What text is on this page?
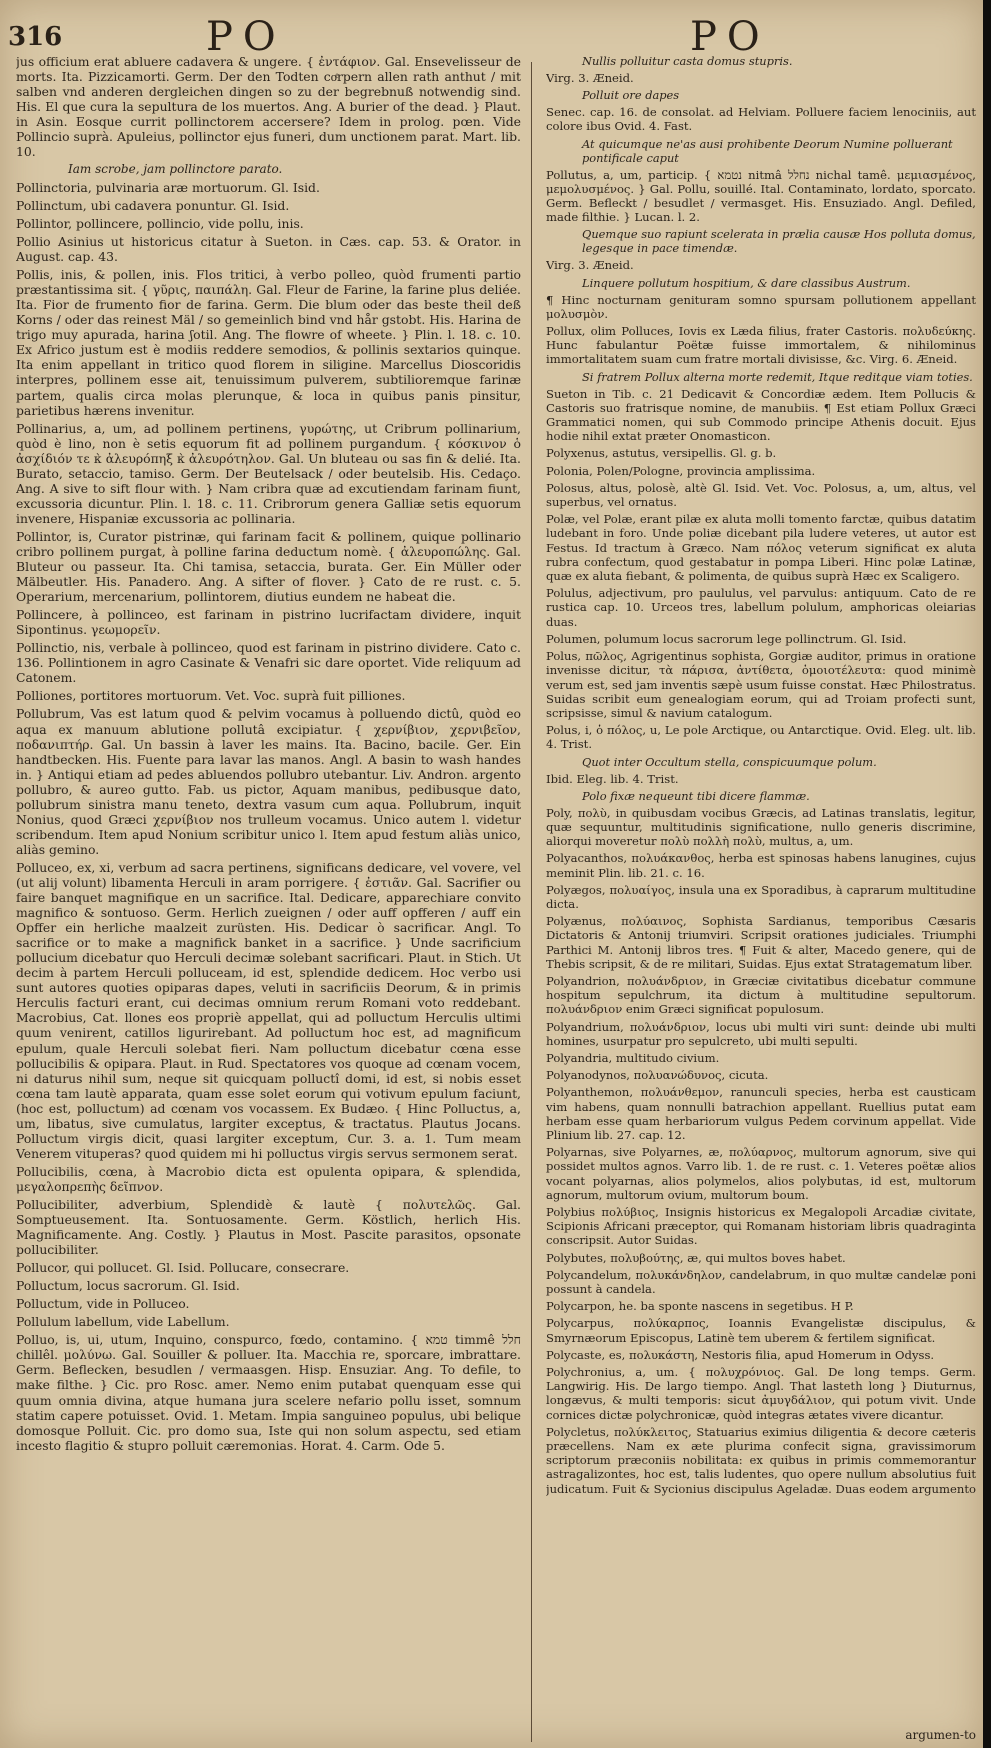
316	PO	PO

jus officium erat abluere cadavera & ungere. { ἐντάφιον. Gal. Ensevelisseur de morts. Ita. Pizzicamorti. Germ. Der den Todten coͤrpern allen rath anthut / mit salben vnd anderen dergleichen dingen so zu der begrebnuß notwendig sind. His. El que cura la sepultura de los muertos. Ang. A burier of the dead. } Plaut. in Asin. Eosque currit pollinctorem accersere? Idem in prolog. pœn. Vide Pollincio suprà. Apuleius, pollinctor ejus funeri, dum unctionem parat. Mart. lib. 10.

Iam scrobe, jam pollinctore parato.

Pollinctoria, pulvinaria aræ mortuorum. Gl. Isid.

Pollinctum, ubi cadavera ponuntur. Gl. Isid.

Pollintor, pollincere, pollincio, vide pollu, inis.

Pollio Asinius ut historicus citatur à Sueton. in Cæs. cap. 53. & Orator. in August. cap. 43.

Pollis, inis, & pollen, inis. Flos tritici, à verbo polleo, quòd frumenti partio præstantissima sit. { γῦρις, παιπάλη. Gal. Fleur de Farine, la farine plus deliée. Ita. Fior de frumento fior de farina. Germ. Die blum oder das beste theil deß Korns / oder das reinest Mäl / so gemeinlich bind vnd hår gstobt. His. Harina de trigo muy apurada, harina ʃotil. Ang. The flowre of wheete. } Plin. l. 18. c. 10. Ex Africo justum est è modiis reddere semodios, & pollinis sextarios quinque. Ita enim appellant in tritico quod florem in siligine. Marcellus Dioscoridis interpres, pollinem esse ait, tenuissimum pulverem, subtilioremque farinæ partem, qualis circa molas plerunque, & loca in quibus panis pinsitur, parietibus hærens invenitur.

Pollinarius, a, um, ad pollinem pertinens, γυρώτης, ut Cribrum pollinarium, quòd è lino, non è setis equorum fit ad pollinem purgandum. { κόσκινον ὁ ἀσχίδιόν τε κ̀ ἀλευρόπηξ κ̀ ἀλευρότηλον. Gal. Un bluteau ou sas fin & delié. Ita. Burato, setaccio, tamiso. Germ. Der Beutelsack / oder beutelsib. His. Cedaço. Ang. A sive to sift flour with. } Nam cribra quæ ad excutiendam farinam fiunt, excussoria dicuntur. Plin. l. 18. c. 11. Cribrorum genera Galliæ setis equorum invenere, Hispaniæ excussoria ac pollinaria.

Pollintor, is, Curator pistrinæ, qui farinam facit & pollinem, quique pollinario cribro pollinem purgat, à polline farina deductum nomè. { ἀλευροπώλης. Gal. Bluteur ou passeur. Ita. Chi tamisa, setaccia, burata. Ger. Ein Müller oder Mälbeutler. His. Panadero. Ang. A sifter of flover. } Cato de re rust. c. 5. Operarium, mercenarium, pollintorem, diutius eundem ne habeat die.

Pollincere, à pollinceo, est farinam in pistrino lucrifactam dividere, inquit Sipontinus. γεωμορεῖν.

Pollinctio, nis, verbale à pollinceo, quod est farinam in pistrino dividere. Cato c. 136. Pollintionem in agro Casinate & Venafri sic dare oportet. Vide reliquum ad Catonem.

Polliones, portitores mortuorum. Vet. Voc. suprà fuit pilliones.

Pollubrum, Vas est latum quod & pelvim vocamus à polluendo dictû, quòd eo aqua ex manuum ablutione pollutâ excipiatur. { χερνίβιον, χερνιβεῖον, ποδανιπτήρ. Gal. Un bassin à laver les mains. Ita. Bacino, bacile. Ger. Ein handtbecken. His. Fuente para lavar las manos. Angl. A basin to wash handes in. } Antiqui etiam ad pedes abluendos pollubro utebantur. Liv. Andron. argento pollubro, & aureo gutto. Fab. us pictor, Aquam manibus, pedibusque dato, pollubrum sinistra manu teneto, dextra vasum cum aqua. Pollubrum, inquit Nonius, quod Græci χερνίβιον nos trulleum vocamus. Unico autem l. videtur scribendum. Item apud Nonium scribitur unico l. Item apud festum aliàs unico, aliàs gemino.

Polluceo, ex, xi, verbum ad sacra pertinens, significans dedicare, vel vovere, vel (ut alij volunt) libamenta Herculi in aram porrigere. { ἐστιᾶν. Gal. Sacrifier ou faire banquet magnifique en un sacrifice. Ital. Dedicare, apparechiare convito magnifico & sontuoso. Germ. Herlich zueignen / oder auff opfferen / auff ein Opffer ein herliche maalzeit zurüsten. His. Dedicar ò sacrificar. Angl. To sacrifice or to make a magnifick banket in a sacrifice. } Unde sacrificium pollucium dicebatur quo Herculi decimæ solebant sacrificari. Plaut. in Stich. Ut decim à partem Herculi polluceam, id est, splendide dedicem. Hoc verbo usi sunt autores quoties opiparas dapes, veluti in sacrificiis Deorum, & in primis Herculis facturi erant, cui decimas omnium rerum Romani voto reddebant. Macrobius, Cat. llones eos propriè appellat, qui ad polluctum Herculis ultimi quum venirent, catillos ligurirebant. Ad polluctum hoc est, ad magnificum epulum, quale Herculi solebat fieri. Nam polluctum dicebatur cœna esse pollucibilis & opipara. Plaut. in Rud. Spectatores vos quoque ad cœnam vocem, ni daturus nihil sum, neque sit quicquam polluctî domi, id est, si nobis esset cœna tam lautè apparata, quam esse solet eorum qui votivum epulum faciunt, (hoc est, polluctum) ad cœnam vos vocassem. Ex Budæo. { Hinc Polluctus, a, um, libatus, sive cumulatus, largiter exceptus, & tractatus. Plautus Jocans. Polluctum virgis dicit, quasi largiter exceptum, Cur. 3. a. 1. Tum meam Venerem vituperas? quod quidem mi hi polluctus virgis servus sermonem serat.

Pollucibilis, cœna, à Macrobio dicta est opulenta opipara, & splendida, μεγαλοπρεπὴς δεῖπνον.

Pollucibiliter, adverbium, Splendidè & lautè { πολυτελῶς. Gal. Somptueusement. Ita. Sontuosamente. Germ. Köstlich, herlich His. Magnificamente. Ang. Costly. } Plautus in Most. Pascite parasitos, opsonate pollucibiliter.

Pollucor, qui pollucet. Gl. Isid. Pollucare, consecrare.

Polluctum, locus sacrorum. Gl. Isid.

Polluctum, vide in Polluceo.

Pollulum labellum, vide Labellum.

Polluo, is, ui, utum, Inquino, conspurco, fœdo, contamino. { טמא timmê חלל chillêl. μολύνω. Gal. Souiller & polluer. Ita. Macchia re, sporcare, imbrattare. Germ. Beflecken, besudlen / vermaasgen. Hisp. Ensuziar. Ang. To defile, to make filthe. } Cic. pro Rosc. amer. Nemo enim putabat quenquam esse qui quum omnia divina, atque humana jura scelere nefario pollu isset, somnum statim capere potuisset. Ovid. 1. Metam. Impia sanguineo populus, ubi belique domosque Polluit. Cic. pro domo sua, Iste qui non solum aspectu, sed etiam incesto flagitio & stupro polluit cæremonias. Horat. 4. Carm. Ode 5.

Nullis polluitur casta domus stupris.

Virg. 3. Æneid.

Polluit ore dapes

Senec. cap. 16. de consolat. ad Helviam. Polluere faciem lenociniis, aut colore ibus Ovid. 4. Fast.

At quicumque ne'as ausi prohibente Deorum Numine polluerant pontificale caput

Pollutus, a, um, particip. { נטמא nitmâ נחלל nichal tamê. μεμιασμένος, μεμολυσμένος. } Gal. Pollu, souillé. Ital. Contaminato, lordato, sporcato. Germ. Befleckt / besudlet / vermasget. His. Ensuziado. Angl. Defiled, made filthie. } Lucan. l. 2.

Quemque suo rapiunt scelerata in prælia causæ Hos polluta domus, legesque in pace timendæ.

Virg. 3. Æneid.

Linquere pollutum hospitium, & dare classibus Austrum.

¶ Hinc nocturnam genituram somno spursam pollutionem appellant μολυσμὸν.

Pollux, olim Polluces, Iovis ex Læda filius, frater Castoris. πολυδεύκης. Hunc fabulantur Poëtæ fuisse immortalem, & nihilominus immortalitatem suam cum fratre mortali divisisse, &c. Virg. 6. Æneid.

Si fratrem Pollux alterna morte redemit, Itque reditque viam toties.

Sueton in Tib. c. 21 Dedicavit & Concordiæ ædem. Item Pollucis & Castoris suo fratrisque nomine, de manubiis. ¶ Est etiam Pollux Græci Grammatici nomen, qui sub Commodo principe Athenis docuit. Ejus hodie nihil extat præter Onomasticon.

Polyxenus, astutus, versipellis. Gl. g. b.

Polonia, Polen/Pologne, provincia amplissima.

Polosus, altus, polosè, altè Gl. Isid. Vet. Voc. Polosus, a, um, altus, vel superbus, vel ornatus.

Polæ, vel Polæ, erant pilæ ex aluta molli tomento farctæ, quibus datatim ludebant in foro. Unde poliæ dicebant pila ludere veteres, ut autor est Festus. Id tractum à Græco. Nam πόλος veterum significat ex aluta rubra confectum, quod gestabatur in pompa Liberi. Hinc polæ Latinæ, quæ ex aluta fiebant, & polimenta, de quibus suprà Hæc ex Scaligero.

Polulus, adjectivum, pro paululus, vel parvulus: antiquum. Cato de re rustica cap. 10. Urceos tres, labellum polulum, amphoricas oleiarias duas.

Polumen, polumum locus sacrorum lege pollinctrum. Gl. Isid.

Polus, πῶλος, Agrigentinus sophista, Gorgiæ auditor, primus in oratione invenisse dicitur, τὰ πάρισα, ἀντίθετα, ὁμοιοτέλευτα: quod minimè verum est, sed jam inventis sæpè usum fuisse constat. Hæc Philostratus. Suidas scribit eum genealogiam eorum, qui ad Troiam profecti sunt, scripsisse, simul & navium catalogum.

Polus, i, ὁ πόλος, u, Le pole Arctique, ou Antarctique. Ovid. Eleg. ult. lib. 4. Trist.

Quot inter Occultum stella, conspicuumque polum.

Ibid. Eleg. lib. 4. Trist.

Polo fixæ nequeunt tibi dicere flammæ.

Poly, πολὺ, in quibusdam vocibus Græcis, ad Latinas translatis, legitur, quæ sequuntur, multitudinis significatione, nullo generis discrimine, aliorqui moveretur πολὺ πολλὴ πολὺ, multus, a, um.

Polyacanthos, πολυάκανθος, herba est spinosas habens lanugines, cujus meminit Plin. lib. 21. c. 16.

Polyægos, πολυαίγος, insula una ex Sporadibus, à caprarum multitudine dicta.

Polyænus, πολύαινος, Sophista Sardianus, temporibus Cæsaris Dictatoris & Antonij triumviri. Scripsit orationes judiciales. Triumphi Parthici M. Antonij libros tres. ¶ Fuit & alter, Macedo genere, qui de Thebis scripsit, & de re militari, Suidas. Ejus extat Stratagematum liber.

Polyandrion, πολυάνδριον, in Græciæ civitatibus dicebatur commune hospitum sepulchrum, ita dictum à multitudine sepultorum. πολυάνδριον enim Græci significat populosum.

Polyandrium, πολυάνδριον, locus ubi multi viri sunt: deinde ubi multi homines, usurpatur pro sepulcreto, ubi multi sepulti.

Polyandria, multitudo civium.

Polyanodynos, πολυανώδυνος, cicuta.

Polyanthemon, πολυάνθεμον, ranunculi species, herba est causticam vim habens, quam nonnulli batrachion appellant. Ruellius putat eam herbam esse quam herbariorum vulgus Pedem corvinum appellat. Vide Plinium lib. 27. cap. 12.

Polyarnas, sive Polyarnes, æ, πολύαρνος, multorum agnorum, sive qui possidet multos agnos. Varro lib. 1. de re rust. c. 1. Veteres poëtæ alios vocant polyarnas, alios polymelos, alios polybutas, id est, multorum agnorum, multorum ovium, multorum boum.

Polybius πολύβιος, Insignis historicus ex Megalopoli Arcadiæ civitate, Scipionis Africani præceptor, qui Romanam historiam libris quadraginta conscripsit. Autor Suidas.

Polybutes, πολυβούτης, æ, qui multos boves habet.

Polycandelum, πολυκάνδηλον, candelabrum, in quo multæ candelæ poni possunt à candela.

Polycarpon, he. ba sponte nascens in segetibus. H P.

Polycarpus, πολύκαρπος, Ioannis Evangelistæ discipulus, & Smyrnæorum Episcopus, Latinè tem uberem & fertilem significat.

Polycaste, es, πολυκάστη, Nestoris filia, apud Homerum in Odyss.

Polychronius, a, um. { πολυχρόνιος. Gal. De long temps. Germ. Langwirig. His. De largo tiempo. Angl. That lasteth long } Diuturnus, longævus, & multi temporis: sicut ἀμυγδάλιον, qui potum vivit. Unde cornices dictæ polychronicæ, quòd integras ætates vivere dicantur.

Polycletus, πολύκλειτος, Statuarius eximius diligentia & decore cæteris præcellens. Nam ex æte plurima confecit signa, gravissimorum scriptorum præconiis nobilitata: ex quibus in primis commemorantur astragalizontes, hoc est, talis ludentes, quo opere nullum absolutius fuit judicatum. Fuit & Sycionius discipulus Ageladæ. Duas eodem argumento

argumen-to
